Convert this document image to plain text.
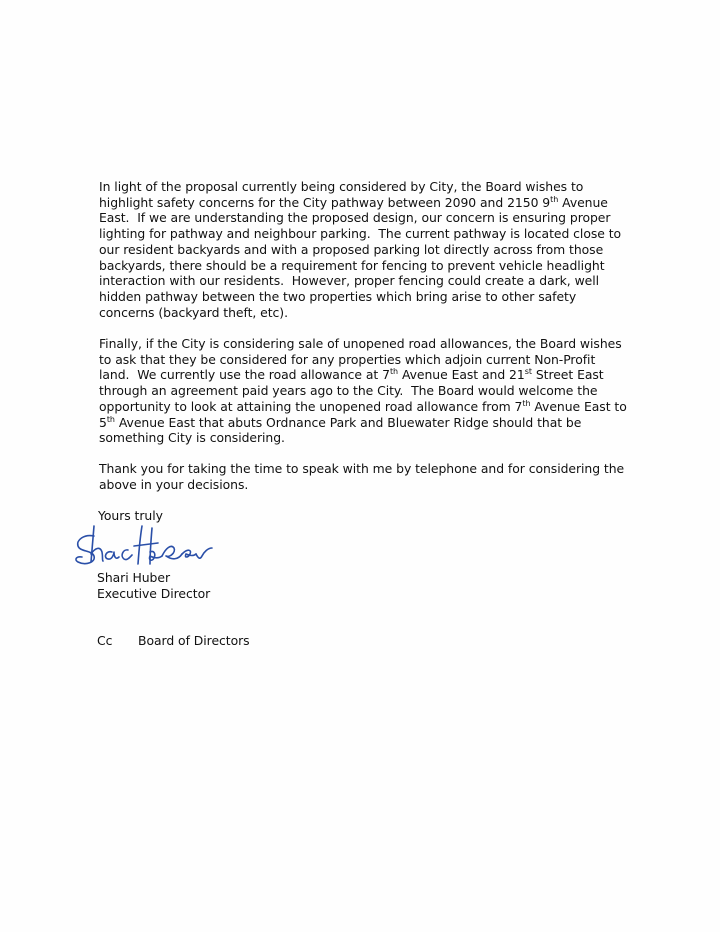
In light of the proposal currently being considered by City, the Board wishes to
highlight safety concerns for the City pathway between 2090 and 2150 9th Avenue
East.  If we are understanding the proposed design, our concern is ensuring proper
lighting for pathway and neighbour parking.  The current pathway is located close to
our resident backyards and with a proposed parking lot directly across from those
backyards, there should be a requirement for fencing to prevent vehicle headlight
interaction with our residents.  However, proper fencing could create a dark, well
hidden pathway between the two properties which bring arise to other safety
concerns (backyard theft, etc).
Finally, if the City is considering sale of unopened road allowances, the Board wishes
to ask that they be considered for any properties which adjoin current Non-Profit
land.  We currently use the road allowance at 7th Avenue East and 21st Street East
through an agreement paid years ago to the City.  The Board would welcome the
opportunity to look at attaining the unopened road allowance from 7th Avenue East to
5th Avenue East that abuts Ordnance Park and Bluewater Ridge should that be
something City is considering.
Thank you for taking the time to speak with me by telephone and for considering the
above in your decisions.
Yours truly
Shari Huber
Executive Director
Cc Board of Directors
